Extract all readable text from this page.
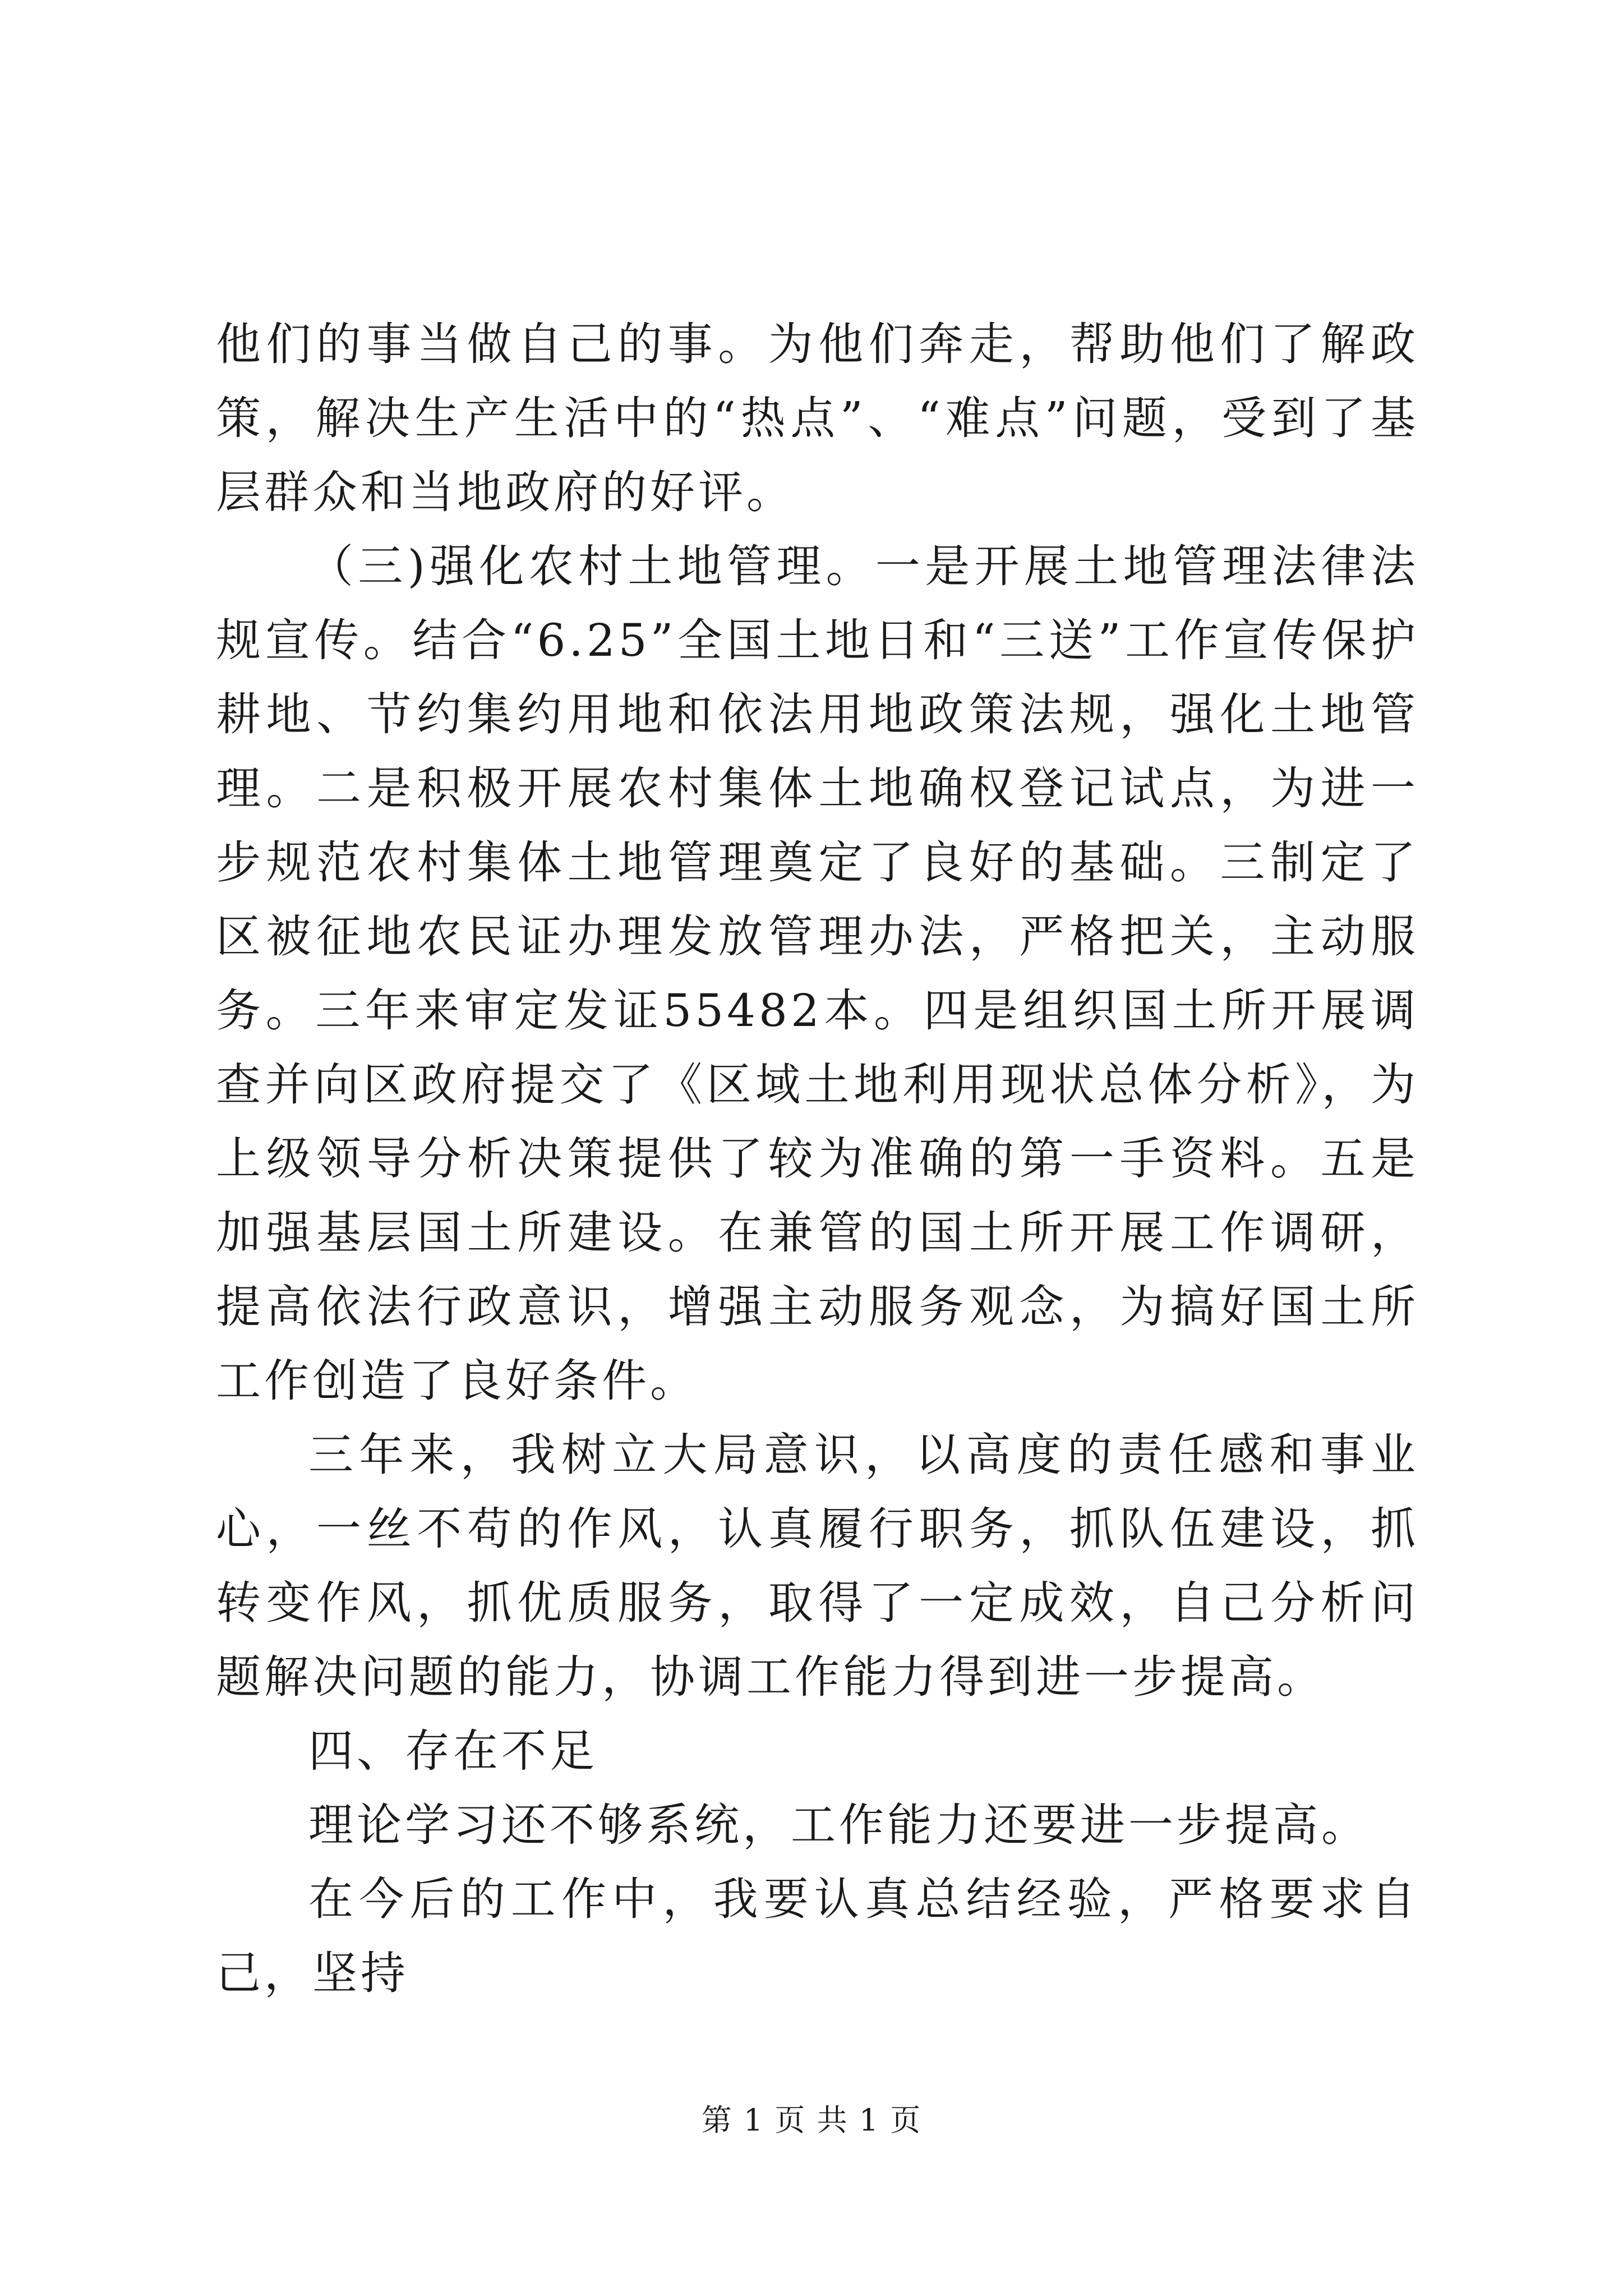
他们的事当做自己的事。为他们奔走，帮助他们了解政策，解决生产生活中的“热点”、“难点”问题，受到了基层群众和当地政府的好评。

（三)强化农村土地管理。一是开展土地管理法律法规宣传。结合“6.25”全国土地日和“三送”工作宣传保护耕地、节约集约用地和依法用地政策法规，强化土地管理。二是积极开展农村集体土地确权登记试点，为进一步规范农村集体土地管理奠定了良好的基础。三制定了区被征地农民证办理发放管理办法，严格把关，主动服务。三年来审定发证55482本。四是组织国土所开展调查并向区政府提交了《区域土地利用现状总体分析》，为上级领导分析决策提供了较为准确的第一手资料。五是加强基层国土所建设。在兼管的国土所开展工作调研，提高依法行政意识，增强主动服务观念，为搞好国土所工作创造了良好条件。

三年来，我树立大局意识，以高度的责任感和事业心，一丝不苟的作风，认真履行职务，抓队伍建设，抓转变作风，抓优质服务，取得了一定成效，自己分析问题解决问题的能力，协调工作能力得到进一步提高。

四、存在不足

理论学习还不够系统，工作能力还要进一步提高。

在今后的工作中，我要认真总结经验，严格要求自己，坚持

第 1 页 共 1 页
